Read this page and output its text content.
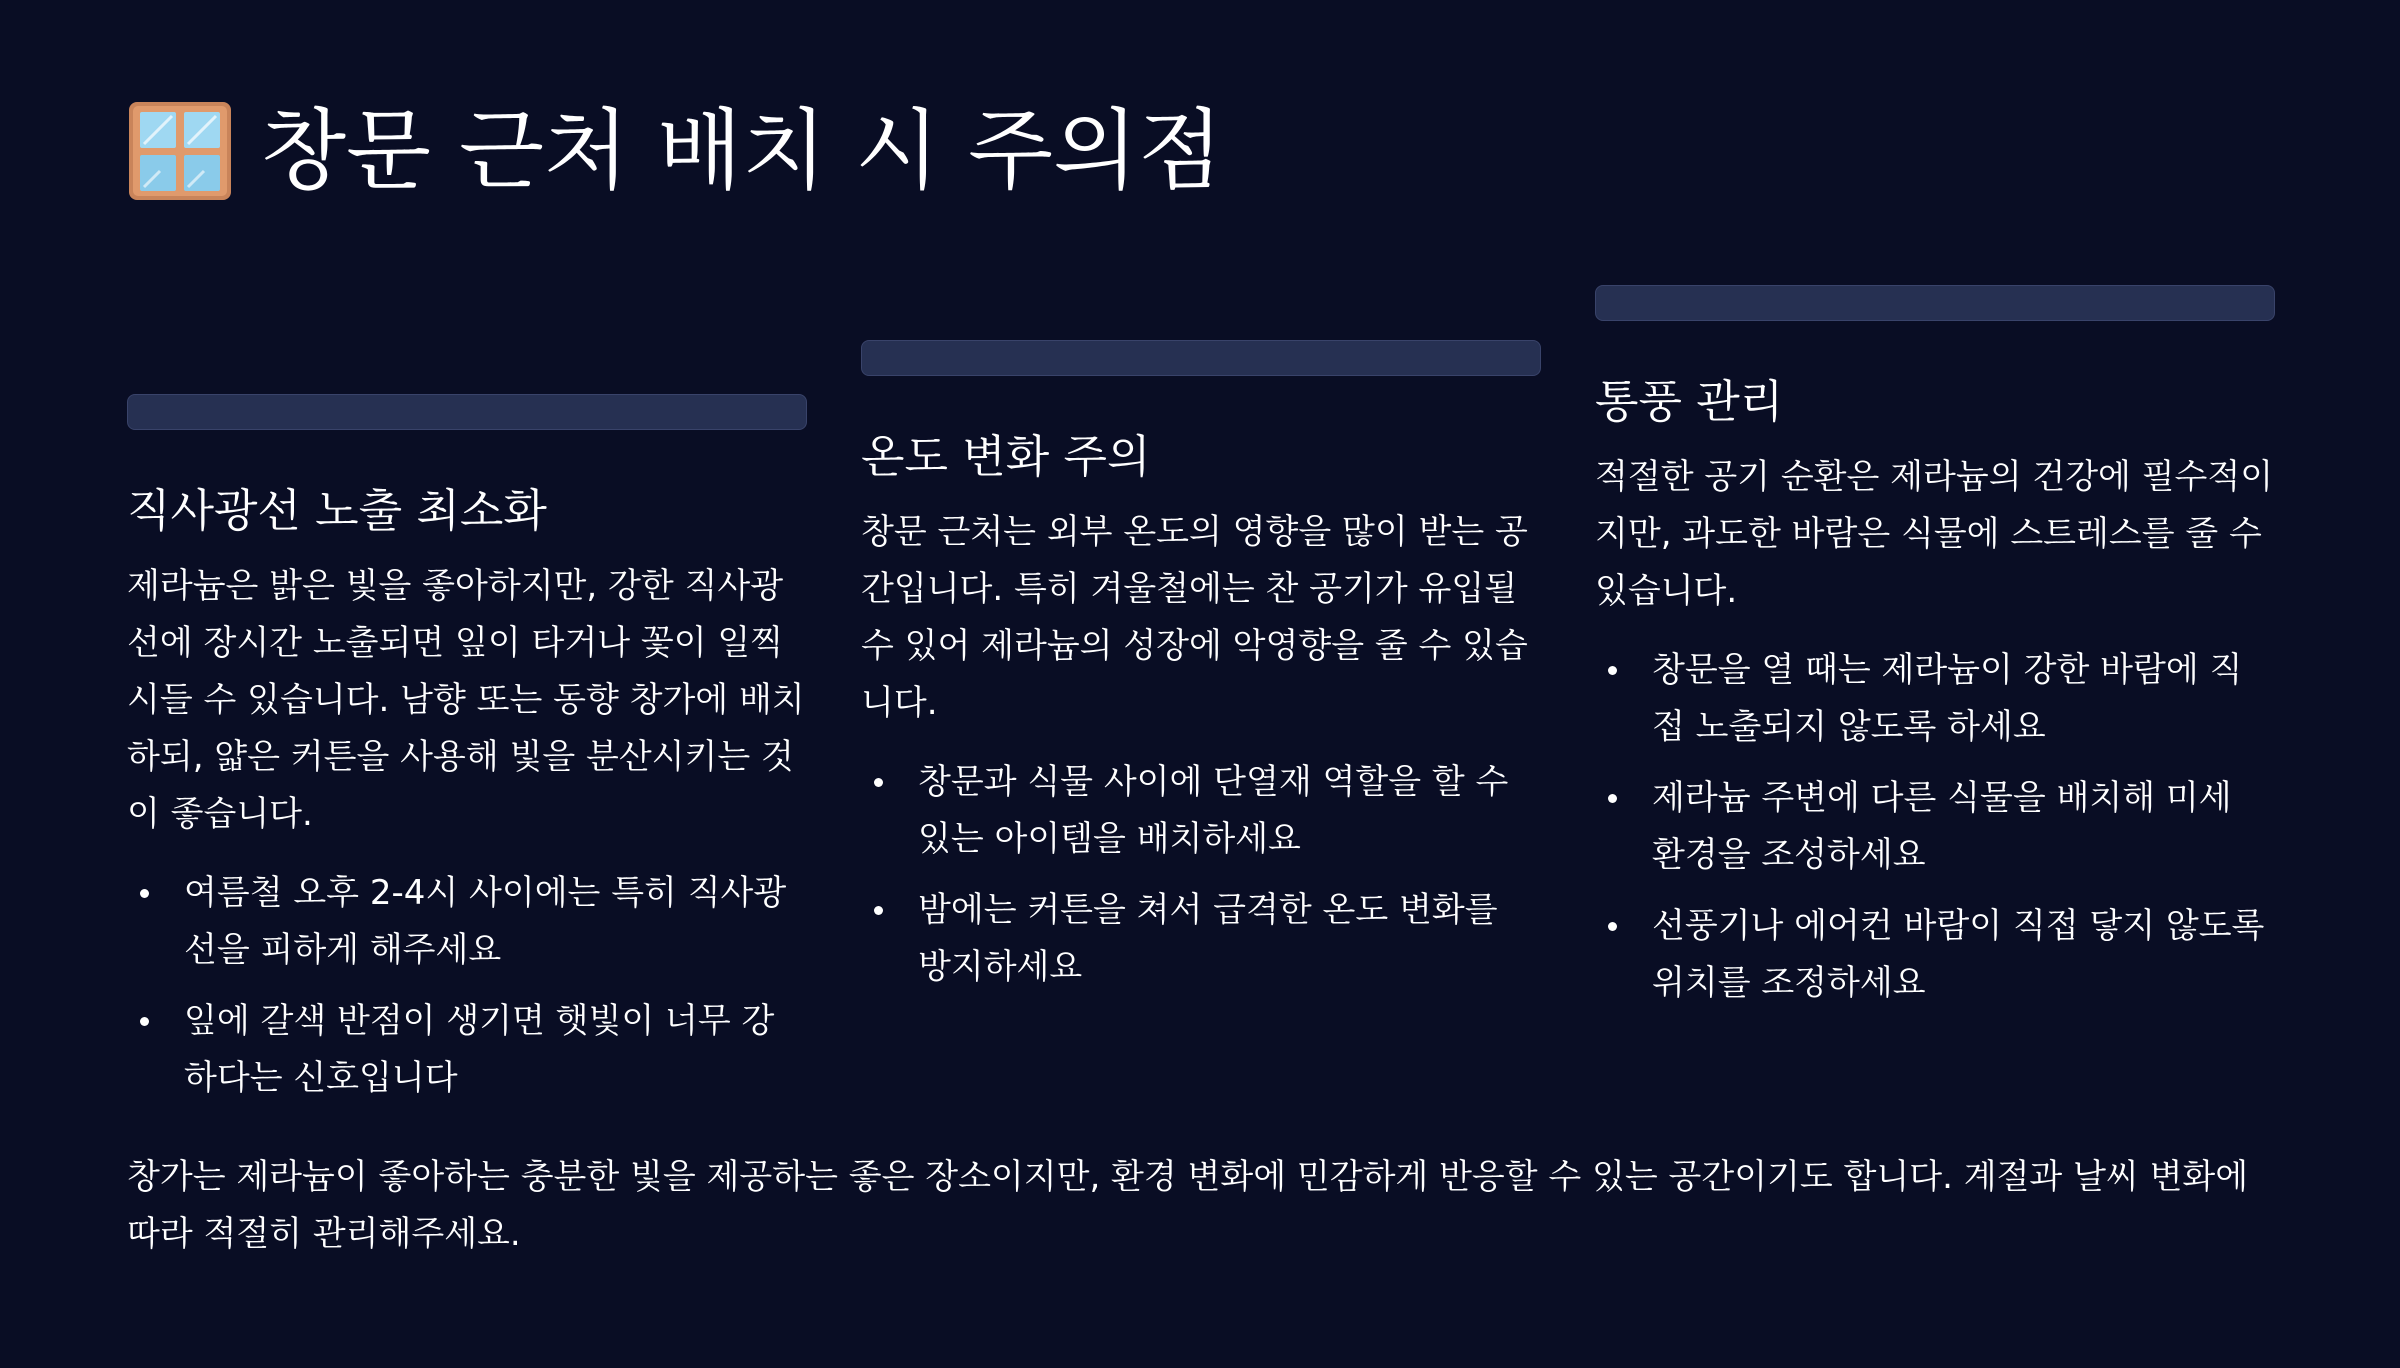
창문 근처 배치 시 주의점
직사광선 노출 최소화

제라늄은 밝은 빛을 좋아하지만, 강한 직사광선에 장시간 노출되면 잎이 타거나 꽃이 일찍 시들 수 있습니다. 남향 또는 동향 창가에 배치하되, 얇은 커튼을 사용해 빛을 분산시키는 것이 좋습니다.

여름철 오후 2-4시 사이에는 특히 직사광선을 피하게 해주세요
잎에 갈색 반점이 생기면 햇빛이 너무 강하다는 신호입니다
온도 변화 주의

창문 근처는 외부 온도의 영향을 많이 받는 공간입니다. 특히 겨울철에는 찬 공기가 유입될 수 있어 제라늄의 성장에 악영향을 줄 수 있습니다.

창문과 식물 사이에 단열재 역할을 할 수 있는 아이템을 배치하세요
밤에는 커튼을 쳐서 급격한 온도 변화를 방지하세요
통풍 관리

적절한 공기 순환은 제라늄의 건강에 필수적이지만, 과도한 바람은 식물에 스트레스를 줄 수 있습니다.

창문을 열 때는 제라늄이 강한 바람에 직접 노출되지 않도록 하세요
제라늄 주변에 다른 식물을 배치해 미세 환경을 조성하세요
선풍기나 에어컨 바람이 직접 닿지 않도록 위치를 조정하세요

창가는 제라늄이 좋아하는 충분한 빛을 제공하는 좋은 장소이지만, 환경 변화에 민감하게 반응할 수 있는 공간이기도 합니다. 계절과 날씨 변화에 따라 적절히 관리해주세요.
